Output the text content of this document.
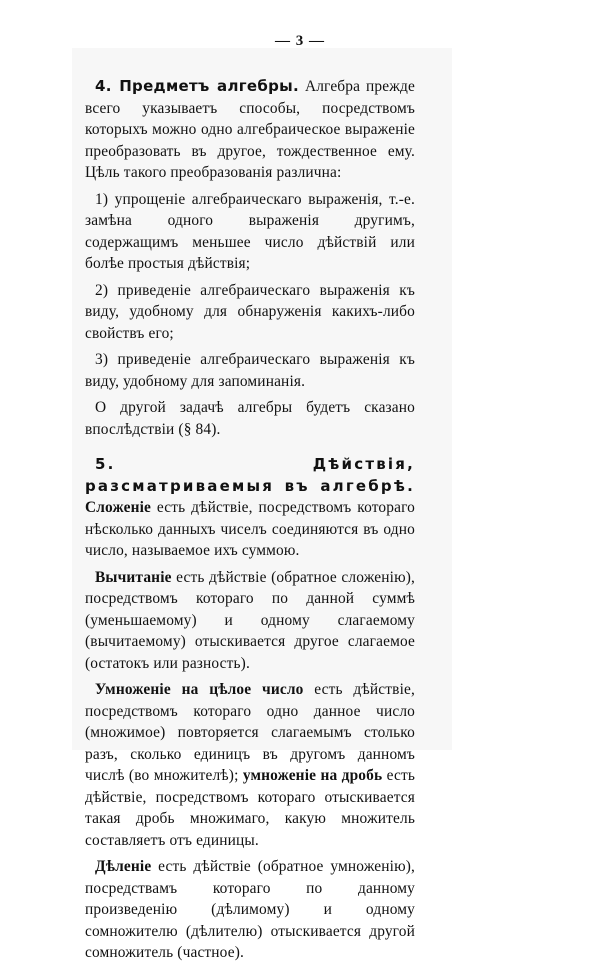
— 3 —

4. Предметъ алгебры. Алгебра прежде всего указываетъ способы, посредствомъ которыхъ можно одно алгебраическое выраженіе преобразовать въ другое, тождественное ему. Цѣль такого преобразованія различна:

1) упрощеніе алгебраическаго выраженія, т.-е. замѣна одного выраженія другимъ, содержащимъ меньшее число дѣйствій или болѣе простыя дѣйствія;

2) приведеніе алгебраическаго выраженія къ виду, удобному для обнаруженія какихъ-либо свойствъ его;

3) приведеніе алгебраическаго выраженія къ виду, удобному для запоминанія.

О другой задачѣ алгебры будетъ сказано впослѣдствіи (§ 84).

5. Дѣйствія, разсматриваемыя въ алгебрѣ. Сложеніе есть дѣйствіе, посредствомъ котораго нѣсколько данныхъ чиселъ соединяются въ одно число, называемое ихъ суммою.

Вычитаніе есть дѣйствіе (обратное сложенію), посредствомъ котораго по данной суммѣ (уменьшаемому) и одному слагаемому (вычитаемому) отыскивается другое слагаемое (остатокъ или разность).

Умноженіе на цѣлое число есть дѣйствіе, посредствомъ котораго одно данное число (множимое) повторяется слагаемымъ столько разъ, сколько единицъ въ другомъ данномъ числѣ (во множителѣ); умноженіе на дробь есть дѣйствіе, посредствомъ котораго отыскивается такая дробь множимаго, какую множитель составляетъ отъ единицы.

Дѣленіе есть дѣйствіе (обратное умноженію), посредствамъ котораго по данному произведенію (дѣлимому) и одному сомножителю (дѣлителю) отыскивается другой сомножитель (частное).
